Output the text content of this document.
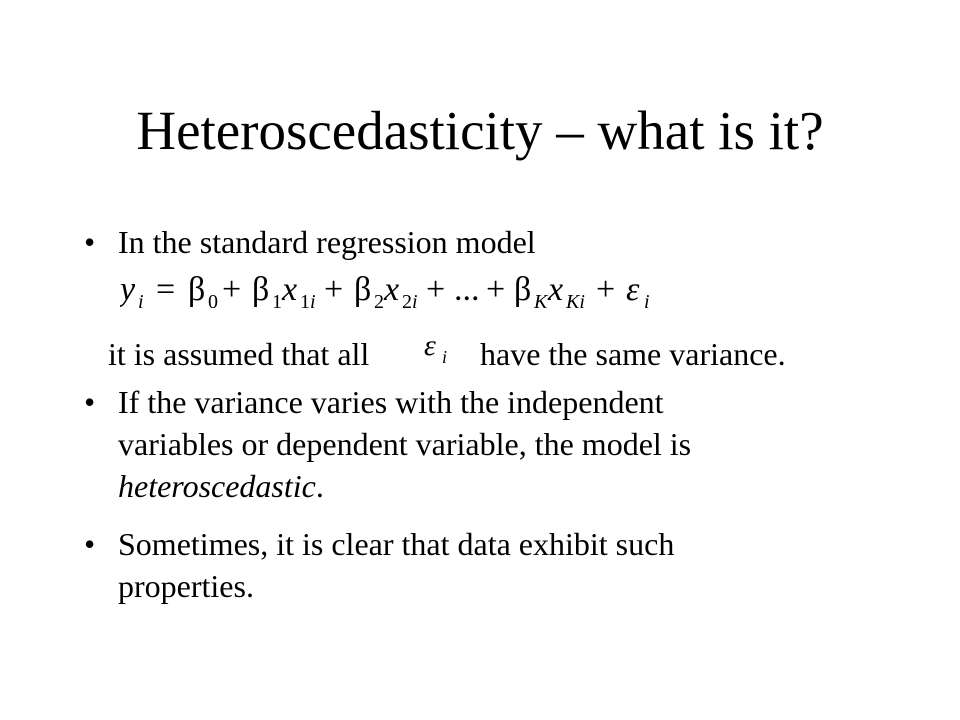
Heteroscedasticity – what is it?
• In the standard regression model
y i = β 0 + β 1 x 1i + β 2 x 2i + ... + β K x Ki + ε i
it is assumed that all ε i have the same variance.
• If the variance varies with the independent
variables or dependent variable, the model is
heteroscedastic.
• Sometimes, it is clear that data exhibit such
properties.
